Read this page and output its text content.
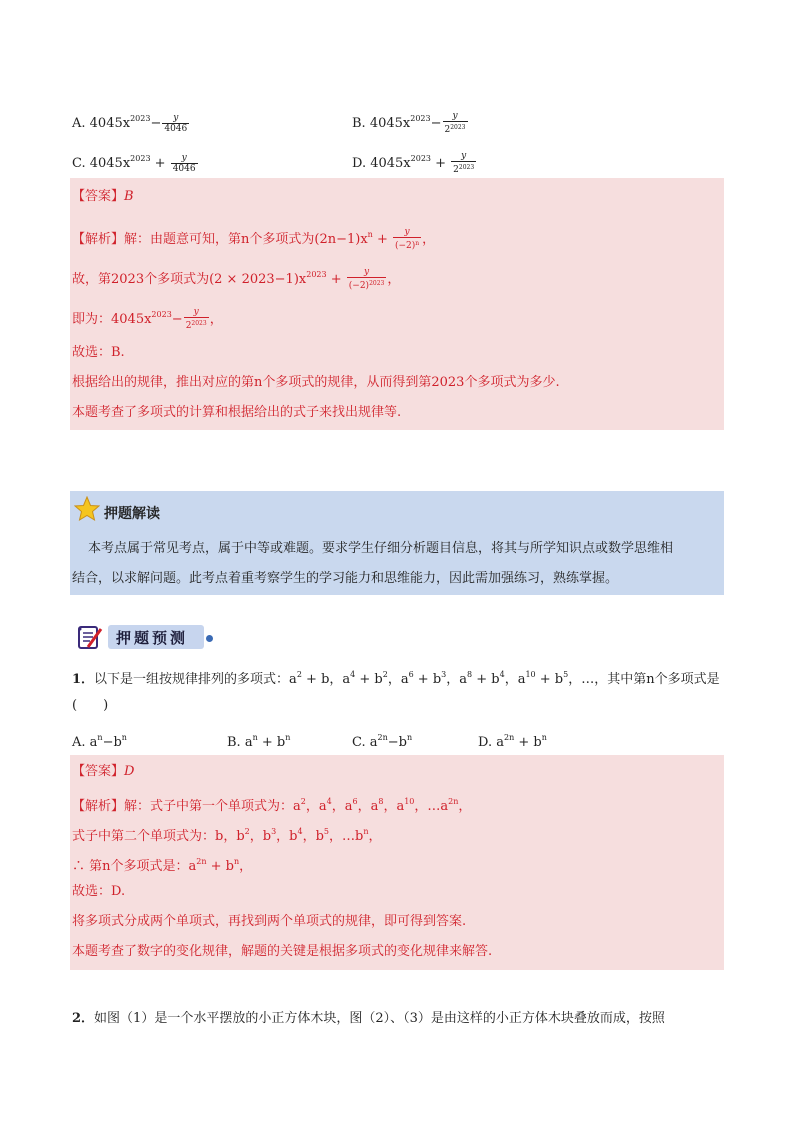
A. $4045x^{2023}- \frac{y}{4046}$	B. $4045x^{2023}- \frac{y}{2^{2023}}$
C. $4045x^{2023} + \frac{y}{4046}$	D. $4045x^{2023} + \frac{y}{2^{2023}}$
【答案】B
【解析】解：由题意可知，第n个多项式为$(2n-1)x^n + \frac{y}{(-2)^n}$ ，
故，第2023个多项式为$(2 \times 2023-1)x^{2023} + \frac{y}{(-2)^{2023}}$ ，
即为：$4045x^{2023}- \frac{y}{2^{2023}}$ ，
故选：B.
根据给出的规律，推出对应的第n个多项式的规律，从而得到第2023个多项式为多少.
本题考查了多项式的计算和根据给出的式子来找出规律等.
押题解读
本考点属于常见考点，属于中等或难题。要求学生仔细分析题目信息，将其与所学知识点或数学思维相
结合，以求解问题。此考点着重考察学生的学习能力和思维能力，因此需加强练习，熟练掌握。
押题预测
1．以下是一组按规律排列的多项式：$a^2 + b$，$a^4 + b^2$，$a^6 + b^3$，$a^8 + b^4$，$a^{10} + b^5$，…，其中第n个多项式是
(　　)
A. $a^n-b^n$	B. $a^n + b^n$	C. $a^{2n}-b^n$	D. $a^{2n} + b^n$
【答案】D
【解析】解：式子中第一个单项式为：$a^2$，$a^4$，$a^6$，$a^8$，$a^{10}$，$\dots a^{2n}$，
式子中第二个单项式为：b，$b^2$，$b^3$，$b^4$，$b^5$，$\dots b^n$，
∴ 第n个多项式是：$a^{2n} + b^n$，
故选：D.
将多项式分成两个单项式，再找到两个单项式的规律，即可得到答案.
本题考查了数字的变化规律，解题的关键是根据多项式的变化规律来解答.
2．如图（1）是一个水平摆放的小正方体木块，图（2）、（3）是由这样的小正方体木块叠放而成，按照
